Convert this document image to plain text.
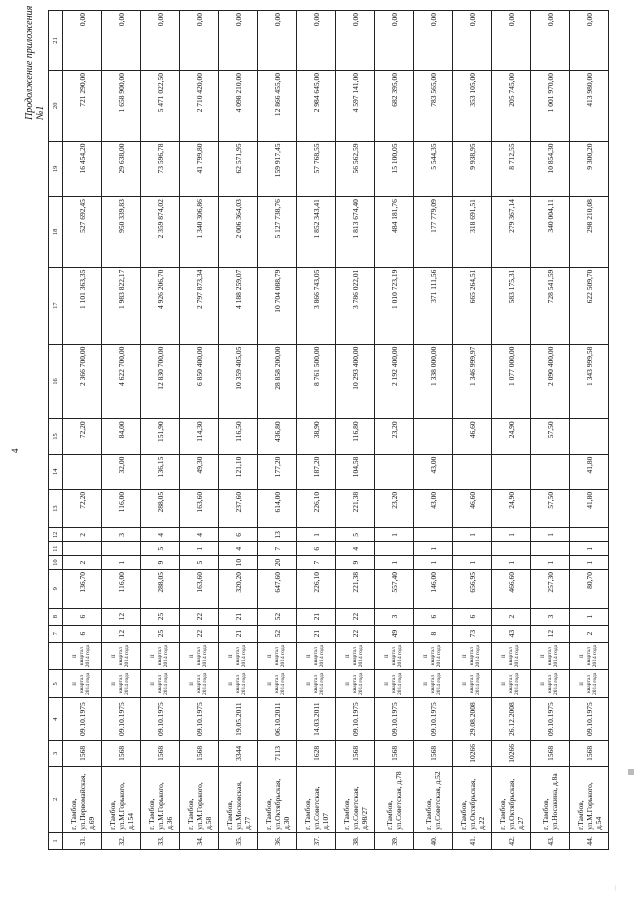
4
Продолжение приложения №1
1	2	3	4	5		7	8	9	10	11	12	13	14	15	16	17	18	19	20	21
31.	г. Тамбов, ул.Первомайская, д.69	1568	09.10.1975	II квартал 2014 года	II квартал 2014 года	6	6	136,70	2		2	72,20		72,20	2 366 700,00	1 101 363,35	527 692,45	16 454,20	721 290,00	0,00
32.	г.Тамбов, ул.М.Горького, д.154	1568	09.10.1975	II квартал 2014 года	II квартал 2014 года	12	12	116,00	1		3	116,00	32,00	84,00	4 622 700,00	1 983 822,17	950 339,83	29 638,00	1 658 900,00	0,00
33.	г. Тамбов, ул.М.Горького, д.36	1568	09.10.1975	II квартал 2014 года	II квартал 2014 года	25	25	288,05	9	5	4	288,05	136,15	151,90	12 830 700,00	4 926 206,70	2 359 874,02	73 596,78	5 471 022,50	0,00
34.	г. Тамбов, ул.М.Горького, д.58	1568	09.10.1975	II квартал 2014 года	II квартал 2014 года	22	22	163,60	5	1	4	163,60	49,30	114,30	6 850 400,00	2 797 873,34	1 340 306,86	41 799,80	2 710 420,00	0,00
35.	г.Тамбов, ул.Московская, д.77	3344	19.05.2011	II квартал 2014 года	II квартал 2014 года	21	21	320,20	10	4	6	237,60	121,10	116,50	10 359 405,05	4 188 259,07	2 006 364,03	62 571,95	4 098 210,00	0,00
36.	г. Тамбов, ул.Октябрьская, д.30	7113	06.10.2011	II квартал 2014 года	II квартал 2014 года	52	52	647,60	20	7	13	614,00	177,20	436,80	28 858 200,00	10 704 088,79	5 127 738,76	159 917,45	12 866 455,00	0,00
37.	г. Тамбов, ул.Советская, д.107	1628	14.03.2011	II квартал 2014 года	II квартал 2014 года	21	21	226,10	7	6	1	226,10	187,20	38,90	8 761 500,00	3 866 743,05	1 852 343,41	57 768,55	2 984 645,00	0,00
38.	г. Тамбов, ул.Советская, д.98/27	1568	09.10.1975	II квартал 2014 года	II квартал 2014 года	22	22	221,38	9	4	5	221,38	104,58	116,80	10 293 400,00	3 786 022,01	1 813 674,40	56 562,59	4 597 141,00	0,00
39.	г.Тамбов, ул.Советская, д.78	1568	09.10.1975	II квартал 2014 года	II квартал 2014 года	49	3	557,40	1		1	23,20		23,20	2 192 400,00	1 010 723,19	484 181,76	15 100,05	682 395,00	0,00
40.	г. Тамбов, ул.Советская, д.52	1568	09.10.1975	II квартал 2014 года	II квартал 2014 года	8	6	146,00	1	1		43,00	43,00		1 338 000,00	371 111,56	177 779,09	5 544,35	783 565,00	0,00
41.	г.Тамбов, ул.Октябрьская, д.22	10266	29.08.2008	II квартал 2014 года	II квартал 2014 года	73	6	656,95	1		1	46,60		46,60	1 346 999,97	665 264,51	318 691,51	9 938,95	353 105,00	0,00
42.	г. Тамбов, ул.Октябрьская, д.27	10266	26.12.2008	II квартал 2014 года	II квартал 2014 года	43	2	466,60	1		1	24,90		24,90	1 077 000,00	583 175,31	279 367,14	8 712,55	205 745,00	0,00
43.	г. Тамбов, ул.Носакина, д.8а	1568	09.10.1975	II квартал 2014 года	II квартал 2014 года	12	3	257,30	1		1	57,50		57,50	2 090 400,00	728 541,59	340 004,11	10 854,30	1 001 970,00	0,00
44.	г.Тамбов, ул.М.Горького, д.54	1568	09.10.1975	II квартал 2014 года	II квартал 2014 года	2	1	80,70	1	1		41,80	41,80		1 343 999,58	622 509,70	298 210,08	9 300,20	413 980,00	0,00
…
